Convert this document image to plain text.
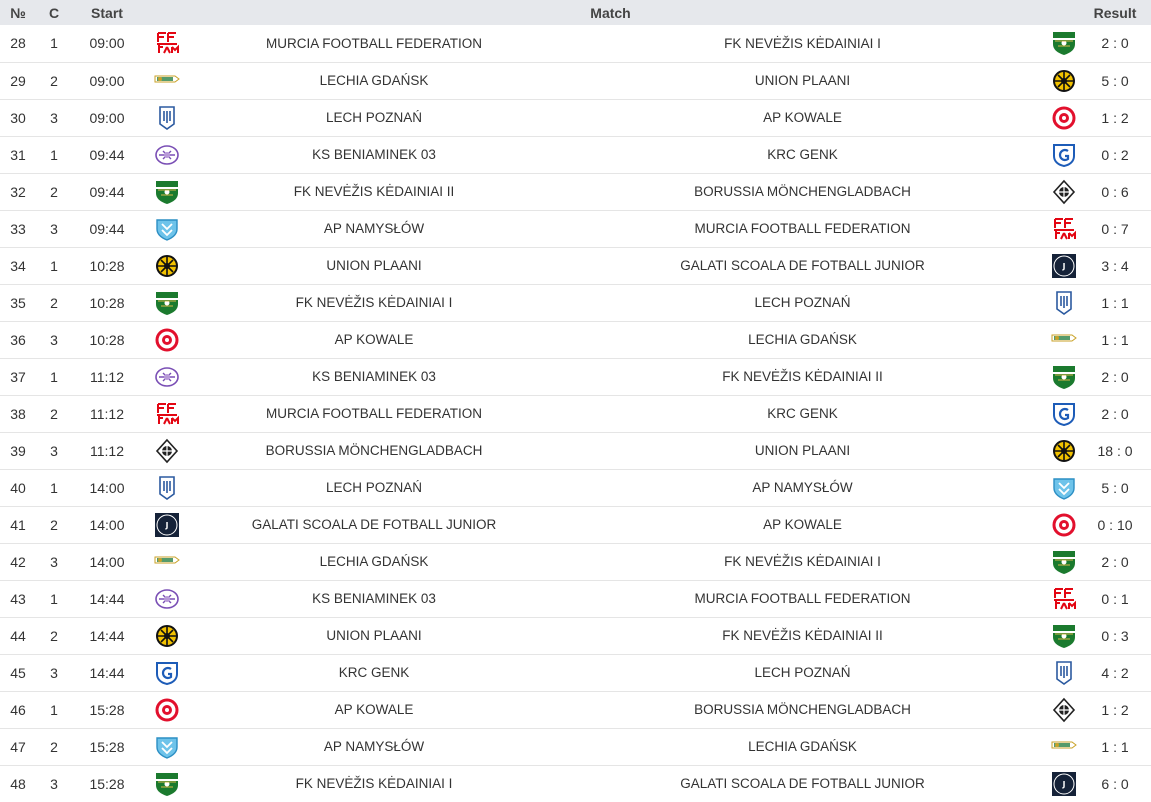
№	C	Start	Match				Result
28	1	09:00		MURCIA FOOTBALL FEDERATION	FK NEVĖŽIS KĖDAINIAI I		2 : 0
29	2	09:00		LECHIA GDAŃSK	UNION PLAANI		5 : 0
30	3	09:00		LECH POZNAŃ	AP KOWALE		1 : 2
31	1	09:44		KS BENIAMINEK 03	KRC GENK		0 : 2
32	2	09:44		FK NEVĖŽIS KĖDAINIAI II	BORUSSIA MÖNCHENGLADBACH		0 : 6
33	3	09:44		AP NAMYSŁÓW	MURCIA FOOTBALL FEDERATION		0 : 7
34	1	10:28		UNION PLAANI	GALATI SCOALA DE FOTBALL JUNIOR	J	3 : 4
35	2	10:28		FK NEVĖŽIS KĖDAINIAI I	LECH POZNAŃ		1 : 1
36	3	10:28		AP KOWALE	LECHIA GDAŃSK		1 : 1
37	1	11:12		KS BENIAMINEK 03	FK NEVĖŽIS KĖDAINIAI II		2 : 0
38	2	11:12		MURCIA FOOTBALL FEDERATION	KRC GENK		2 : 0
39	3	11:12		BORUSSIA MÖNCHENGLADBACH	UNION PLAANI		18 : 0
40	1	14:00		LECH POZNAŃ	AP NAMYSŁÓW		5 : 0
41	2	14:00	J	GALATI SCOALA DE FOTBALL JUNIOR	AP KOWALE		0 : 10
42	3	14:00		LECHIA GDAŃSK	FK NEVĖŽIS KĖDAINIAI I		2 : 0
43	1	14:44		KS BENIAMINEK 03	MURCIA FOOTBALL FEDERATION		0 : 1
44	2	14:44		UNION PLAANI	FK NEVĖŽIS KĖDAINIAI II		0 : 3
45	3	14:44		KRC GENK	LECH POZNAŃ		4 : 2
46	1	15:28		AP KOWALE	BORUSSIA MÖNCHENGLADBACH		1 : 2
47	2	15:28		AP NAMYSŁÓW	LECHIA GDAŃSK		1 : 1
48	3	15:28		FK NEVĖŽIS KĖDAINIAI I	GALATI SCOALA DE FOTBALL JUNIOR	J	6 : 0
